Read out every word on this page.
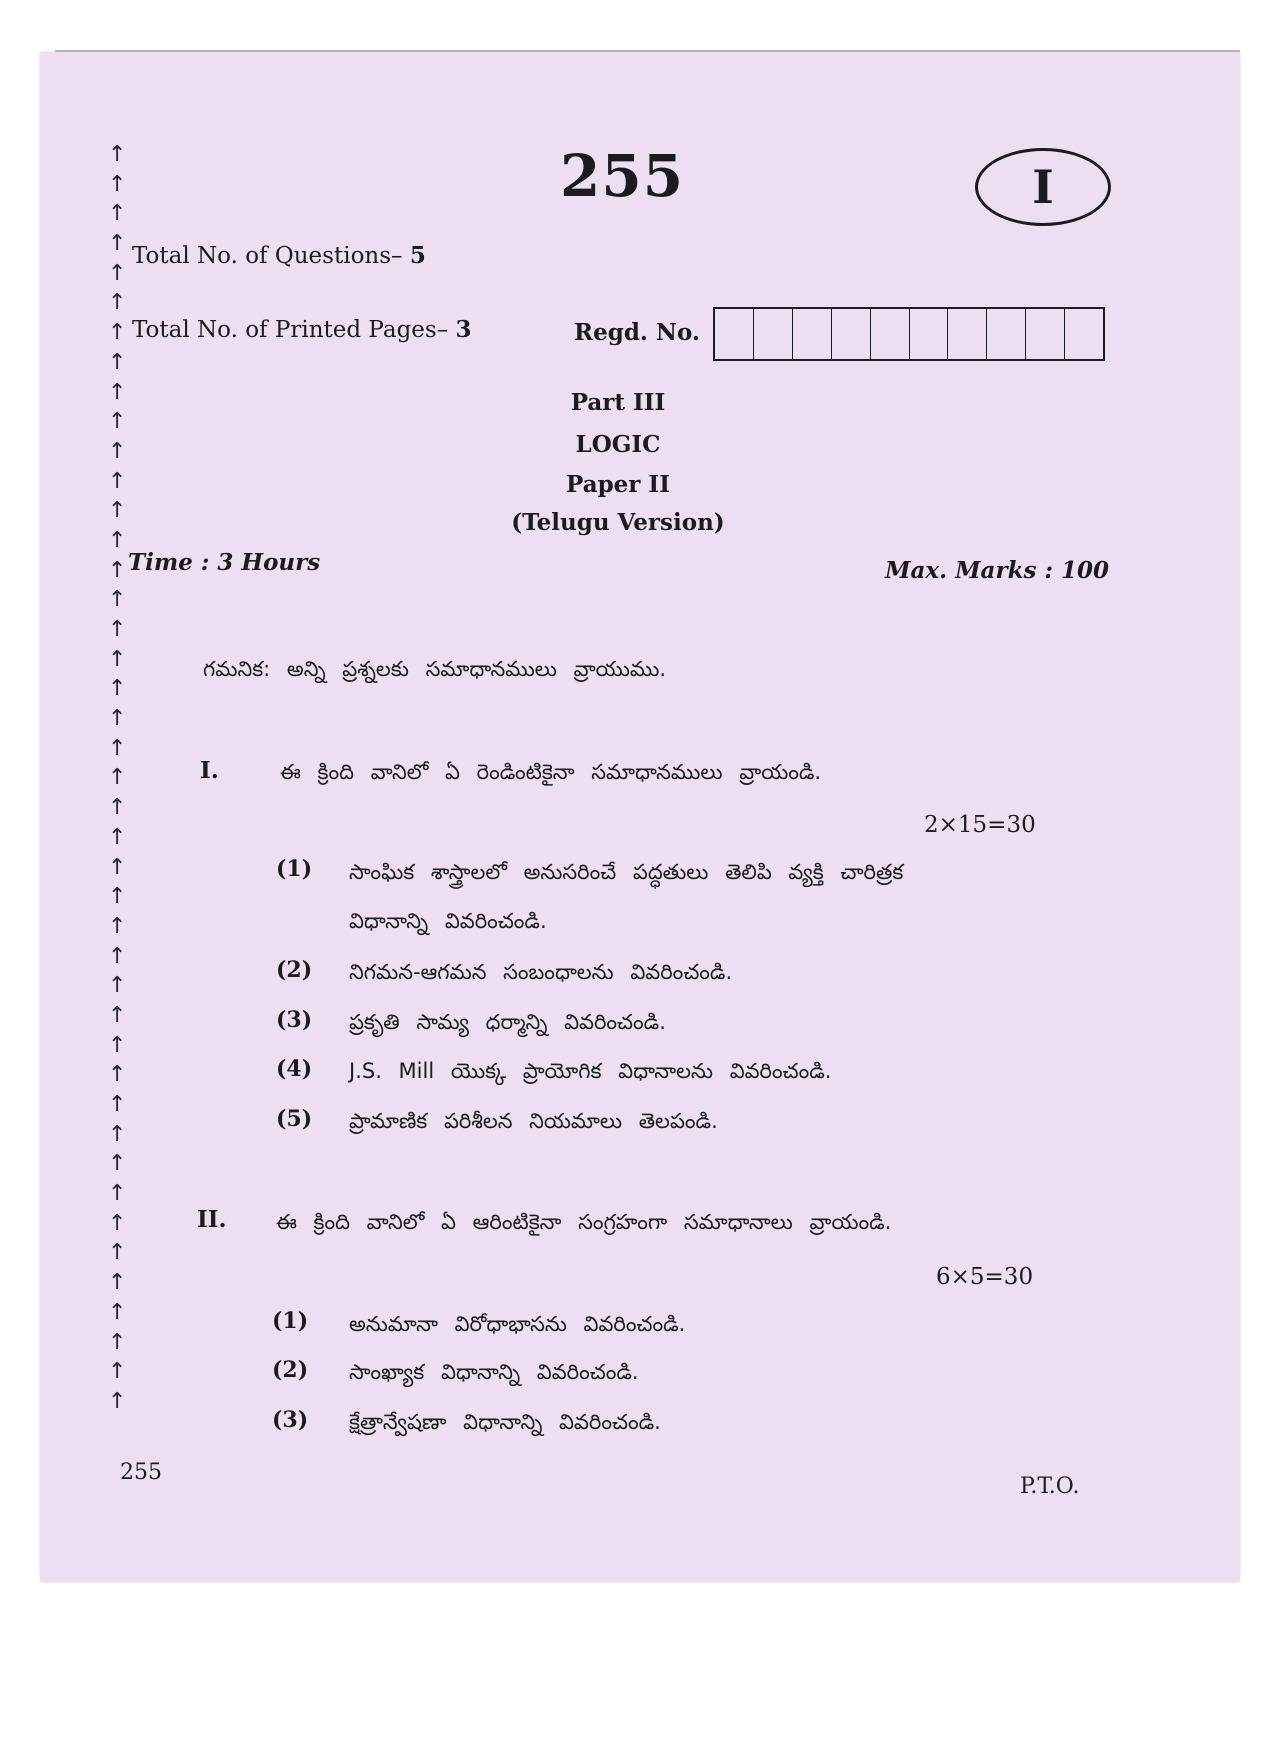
↑
↑
↑
↑
↑
↑
↑
↑
↑
↑
↑
↑
↑
↑
↑
↑
↑
↑
↑
↑
↑
↑
↑
↑
↑
↑
↑
↑
↑
↑
↑
↑
↑
↑
↑
↑
↑
↑
↑
↑
↑
↑
↑
255	I
Total No. of Questions– 5
Total No. of Printed Pages– 3	Regd. No.
Part III
LOGIC
Paper II
(Telugu Version)
Time : 3 Hours	Max. Marks : 100
గమనిక: అన్ని ప్రశ్నలకు సమాధానములు వ్రాయుము.
I.	ఈ క్రింది వానిలో ఏ రెండింటికైనా సమాధానములు వ్రాయండి.
2×15=30
(1) సాంఘిక శాస్త్రాలలో అనుసరించే పద్ధతులు తెలిపి వ్యక్తి చారిత్రక
విధానాన్ని వివరించండి.
(2) నిగమన-ఆగమన సంబంధాలను వివరించండి.
(3) ప్రకృతి సామ్య ధర్మాన్ని వివరించండి.
(4) J.S. Mill యొక్క ప్రాయోగిక విధానాలను వివరించండి.
(5) ప్రామాణిక పరిశీలన నియమాలు తెలపండి.
II. ఈ క్రింది వానిలో ఏ ఆరింటికైనా సంగ్రహంగా సమాధానాలు వ్రాయండి.
6×5=30
(1) అనుమానా విరోధాభాసను వివరించండి.
(2) సాంఖ్యాక విధానాన్ని వివరించండి.
(3) క్షేత్రాన్వేషణా విధానాన్ని వివరించండి.
255
P.T.O.
